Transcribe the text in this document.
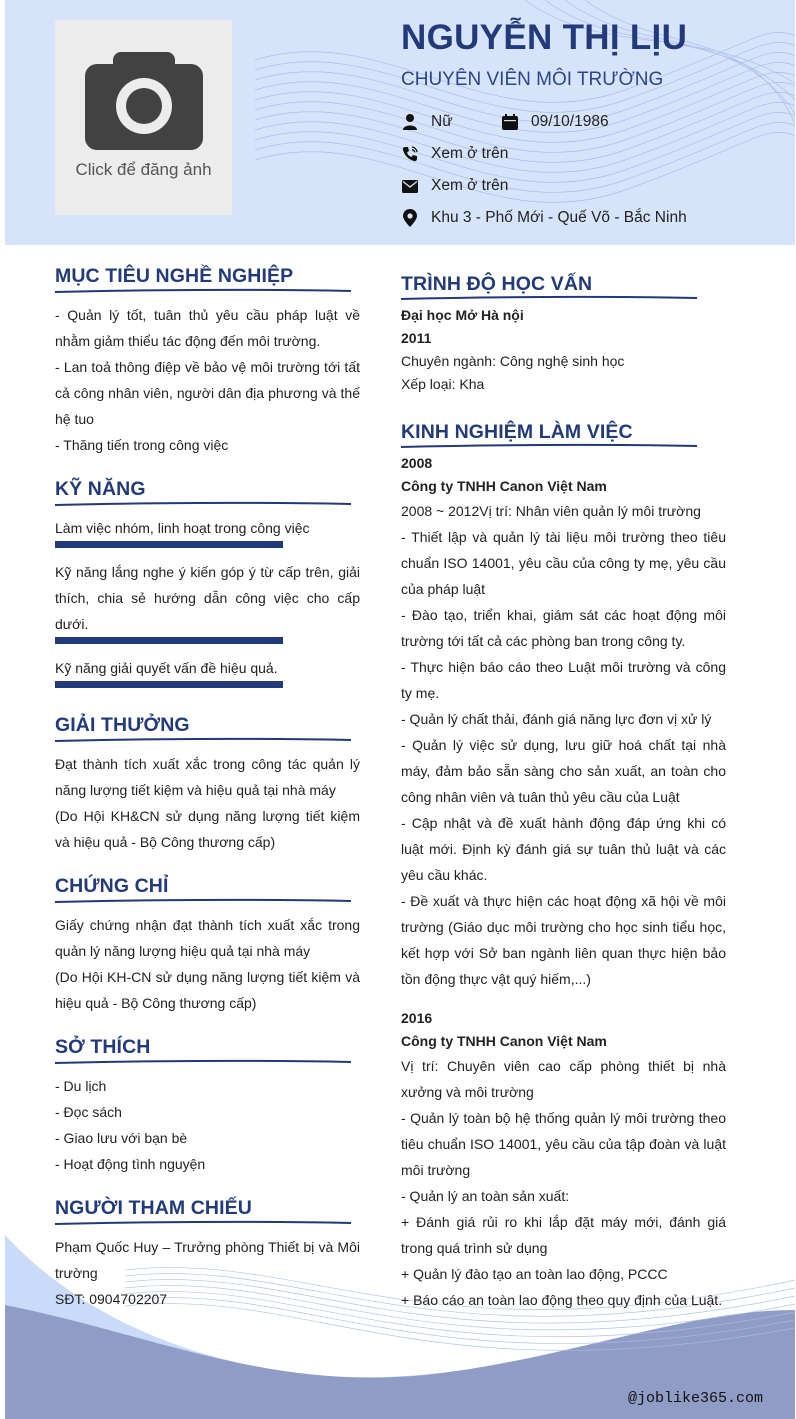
Click để đăng ảnh
NGUYỄN THỊ LỊU
CHUYÊN VIÊN MÔI TRƯỜNG
Nữ	09/10/1986
Xem ở trên
Xem ở trên
Khu 3 - Phố Mới - Quế Võ - Bắc Ninh
MỤC TIÊU NGHỀ NGHIỆP
- Quản lý tốt, tuân thủ yêu cầu pháp luật về nhằm giảm thiểu tác động đến môi trường.
- Lan toả thông điệp về bảo vệ môi trường tới tất cả công nhân viên, người dân địa phương và thế hệ tuo
- Thăng tiến trong công việc
KỸ NĂNG
Làm việc nhóm, linh hoạt trong công việc
Kỹ năng lắng nghe ý kiến góp ý từ cấp trên, giải thích, chia sẻ hướng dẫn công việc cho cấp dưới.
Kỹ năng giải quyết vấn đề hiệu quả.
GIẢI THƯỞNG
Đạt thành tích xuất xắc trong công tác quản lý năng lượng tiết kiệm và hiệu quả tại nhà máy
(Do Hội KH&CN sử dụng năng lượng tiết kiệm và hiệu quả - Bộ Công thương cấp)
CHỨNG CHỈ
Giấy chứng nhận đạt thành tích xuất xắc trong quản lý năng lượng hiệu quả tại nhà máy
(Do Hội KH-CN sử dụng năng lượng tiết kiệm và hiệu quả - Bộ Công thương cấp)
SỞ THÍCH
- Du lịch
- Đọc sách
- Giao lưu với bạn bè
- Hoạt động tình nguyện
NGƯỜI THAM CHIẾU
Phạm Quốc Huy – Trưởng phòng Thiết bị và Môi trường
SĐT: 0904702207
TRÌNH ĐỘ HỌC VẤN
Đại học Mở Hà nội
2011
Chuyên ngành: Công nghệ sinh học
Xếp loại: Kha
KINH NGHIỆM LÀM VIỆC
2008
Công ty TNHH Canon Việt Nam
2008 ~ 2012Vị trí: Nhân viên quản lý môi trường
- Thiết lập và quản lý tài liệu môi trường theo tiêu chuẩn ISO 14001, yêu cầu của công ty mẹ, yêu cầu của pháp luật
- Đào tạo, triển khai, giám sát các hoạt động môi trường tới tất cả các phòng ban trong công ty.
- Thực hiện báo cáo theo Luật môi trường và công ty mẹ.
- Quản lý chất thải, đánh giá năng lực đơn vị xử lý
- Quản lý việc sử dụng, lưu giữ hoá chất tại nhà máy, đảm bảo sẵn sàng cho sản xuất, an toàn cho công nhân viên và tuân thủ yêu cầu của Luật
- Cập nhật và đề xuất hành động đáp ứng khi có luật mới. Định kỳ đánh giá sự tuân thủ luật và các yêu cầu khác.
- Đề xuất và thực hiện các hoạt động xã hội về môi trường (Giáo dục môi trường cho học sinh tiểu học, kết hợp với Sở ban ngành liên quan thực hiện bảo tồn động thực vật quý hiếm,...)
2016
Công ty TNHH Canon Việt Nam
Vị trí: Chuyên viên cao cấp phòng thiết bị nhà xưởng và môi trường
- Quản lý toàn bộ hệ thống quản lý môi trường theo tiêu chuẩn ISO 14001, yêu cầu của tập đoàn và luật môi trường
- Quản lý an toàn sản xuất:
+ Đánh giá rủi ro khi lắp đặt máy mới, đánh giá trong quá trình sử dụng
+ Quản lý đào tạo an toàn lao động, PCCC
+ Báo cáo an toàn lao động theo quy định của Luật.
@joblike365.com
